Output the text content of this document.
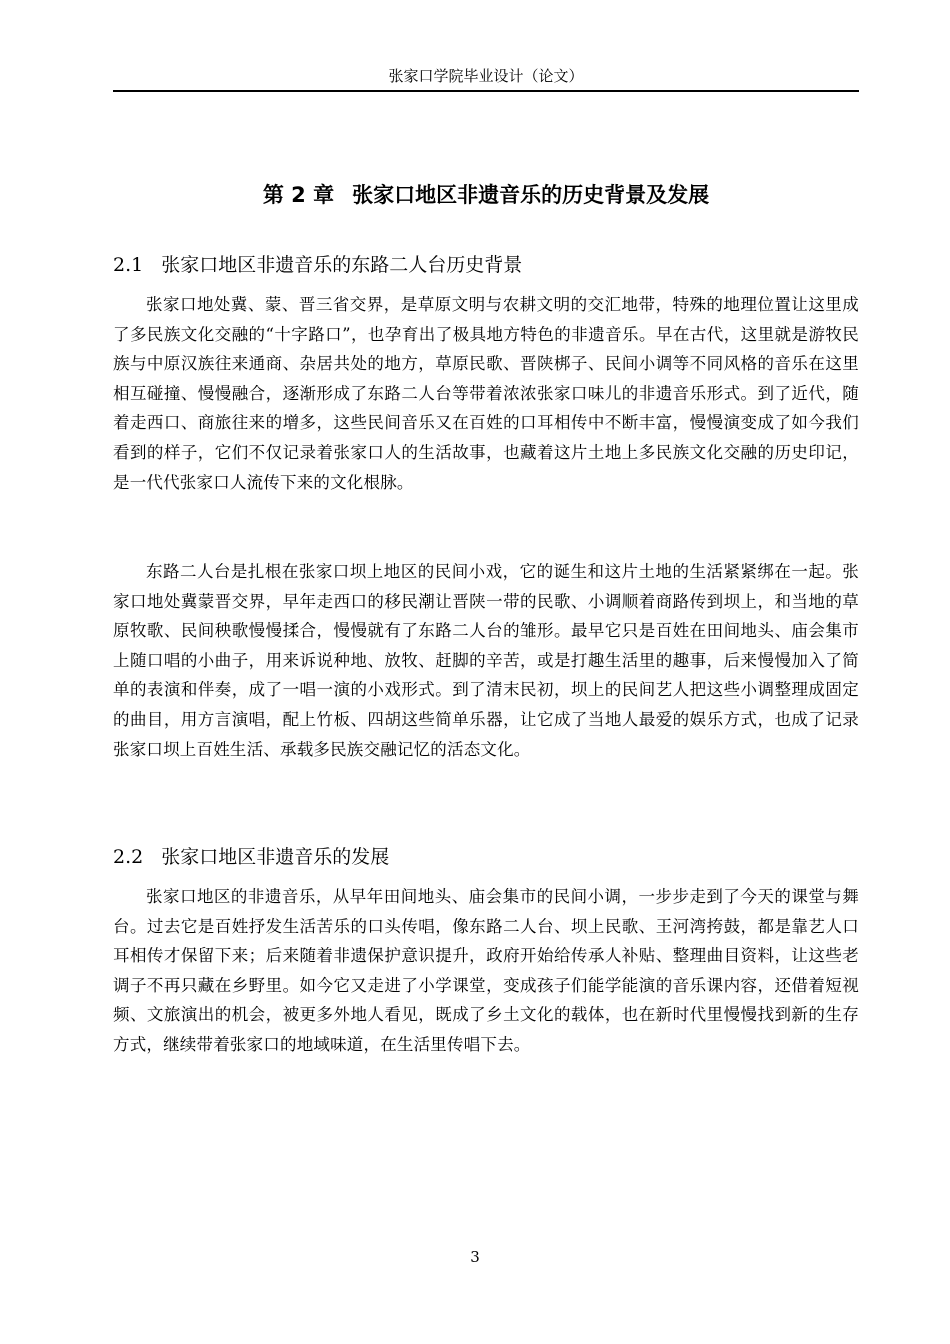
张家口学院毕业设计（论文）
第 2 章 张家口地区非遗音乐的历史背景及发展
2.1 张家口地区非遗音乐的东路二人台历史背景

张家口地处冀、蒙、晋三省交界，是草原文明与农耕文明的交汇地带，特殊的地理位置让这里成了多民族文化交融的“十字路口”，也孕育出了极具地方特色的非遗音乐。早在古代，这里就是游牧民族与中原汉族往来通商、杂居共处的地方，草原民歌、晋陕梆子、民间小调等不同风格的音乐在这里相互碰撞、慢慢融合，逐渐形成了东路二人台等带着浓浓张家口味儿的非遗音乐形式。到了近代，随着走西口、商旅往来的增多，这些民间音乐又在百姓的口耳相传中不断丰富，慢慢演变成了如今我们看到的样子，它们不仅记录着张家口人的生活故事，也藏着这片土地上多民族文化交融的历史印记，是一代代张家口人流传下来的文化根脉。

东路二人台是扎根在张家口坝上地区的民间小戏，它的诞生和这片土地的生活紧紧绑在一起。张家口地处冀蒙晋交界，早年走西口的移民潮让晋陕一带的民歌、小调顺着商路传到坝上，和当地的草原牧歌、民间秧歌慢慢揉合，慢慢就有了东路二人台的雏形。最早它只是百姓在田间地头、庙会集市上随口唱的小曲子，用来诉说种地、放牧、赶脚的辛苦，或是打趣生活里的趣事，后来慢慢加入了简单的表演和伴奏，成了一唱一演的小戏形式。到了清末民初，坝上的民间艺人把这些小调整理成固定的曲目，用方言演唱，配上竹板、四胡这些简单乐器，让它成了当地人最爱的娱乐方式，也成了记录张家口坝上百姓生活、承载多民族交融记忆的活态文化。

2.2 张家口地区非遗音乐的发展

张家口地区的非遗音乐，从早年田间地头、庙会集市的民间小调，一步步走到了今天的课堂与舞台。过去它是百姓抒发生活苦乐的口头传唱，像东路二人台、坝上民歌、王河湾挎鼓，都是靠艺人口耳相传才保留下来；后来随着非遗保护意识提升，政府开始给传承人补贴、整理曲目资料，让这些老调子不再只藏在乡野里。如今它又走进了小学课堂，变成孩子们能学能演的音乐课内容，还借着短视频、文旅演出的机会，被更多外地人看见，既成了乡土文化的载体，也在新时代里慢慢找到新的生存方式，继续带着张家口的地域味道，在生活里传唱下去。

3
